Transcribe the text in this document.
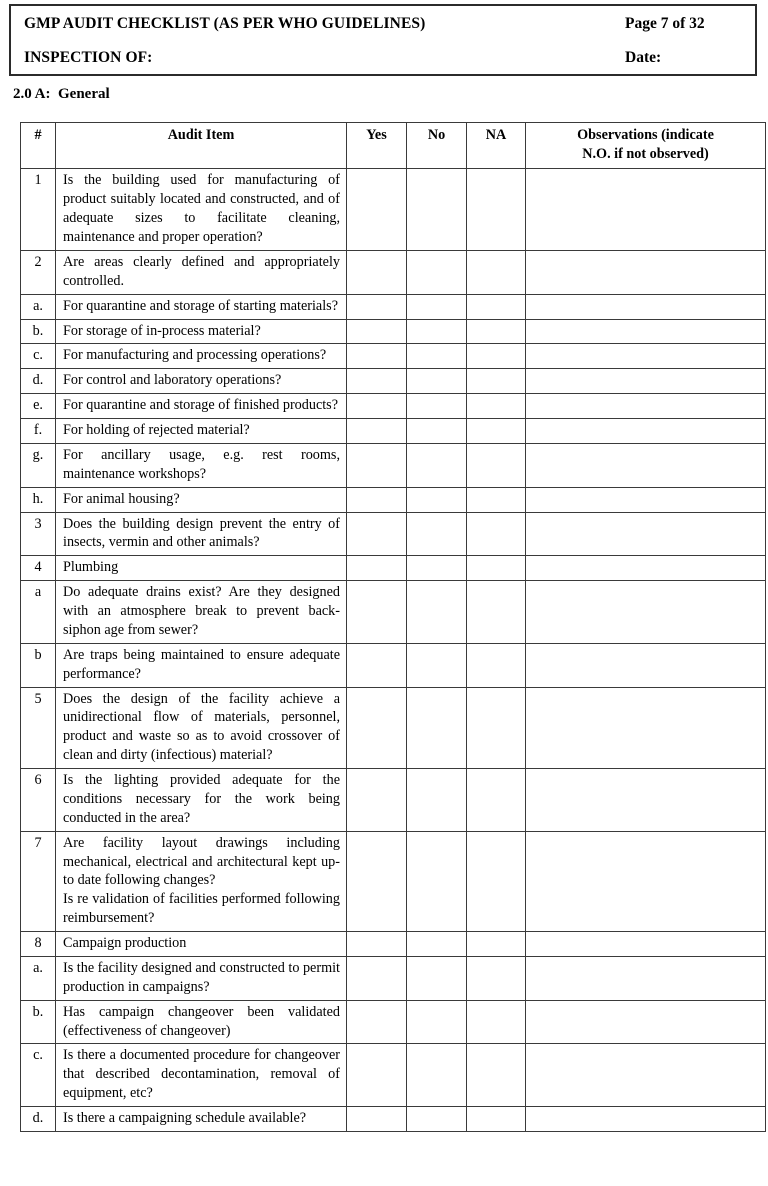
GMP AUDIT CHECKLIST (AS PER WHO GUIDELINES)	Page 7 of 32
INSPECTION OF:	Date:
2.0 A:  General
#	Audit Item	Yes	No	NA	Observations (indicate
N.O. if not observed)
1	Is the building used for manufacturing of product suitably located and constructed, and of adequate sizes to facilitate cleaning, maintenance and proper operation?				

2	Are areas clearly defined and appropriately controlled.				

a.	For quarantine and storage of starting materials?				

b.	For storage of in-process material?				

c.	For manufacturing and processing operations?				

d.	For control and laboratory operations?				

e.	For quarantine and storage of finished products?				

f.	For holding of rejected material?				

g.	For ancillary usage, e.g. rest rooms, maintenance workshops?				

h.	For animal housing?				

3	Does the building design prevent the entry of insects, vermin and other animals?				

4	Plumbing				

a	Do adequate drains exist? Are they designed with an atmosphere break to prevent back-siphon age from sewer?				

b	Are traps being maintained to ensure adequate performance?				

5	Does the design of the facility achieve a unidirectional flow of materials, personnel, product and waste so as to avoid crossover of clean and dirty (infectious) material?				

6	Is the lighting provided adequate for the conditions necessary for the work being conducted in the area?				

7	Are facility layout drawings including mechanical, electrical and architectural kept up-to date following changes?

Is re validation of facilities performed following reimbursement?				

8	Campaign production				

a.	Is the facility designed and constructed to permit production in campaigns?				

b.	Has campaign changeover been validated (effectiveness of changeover)				

c.	Is there a documented procedure for changeover that described decontamination, removal of equipment, etc?				

d.	Is there a campaigning schedule available?				
